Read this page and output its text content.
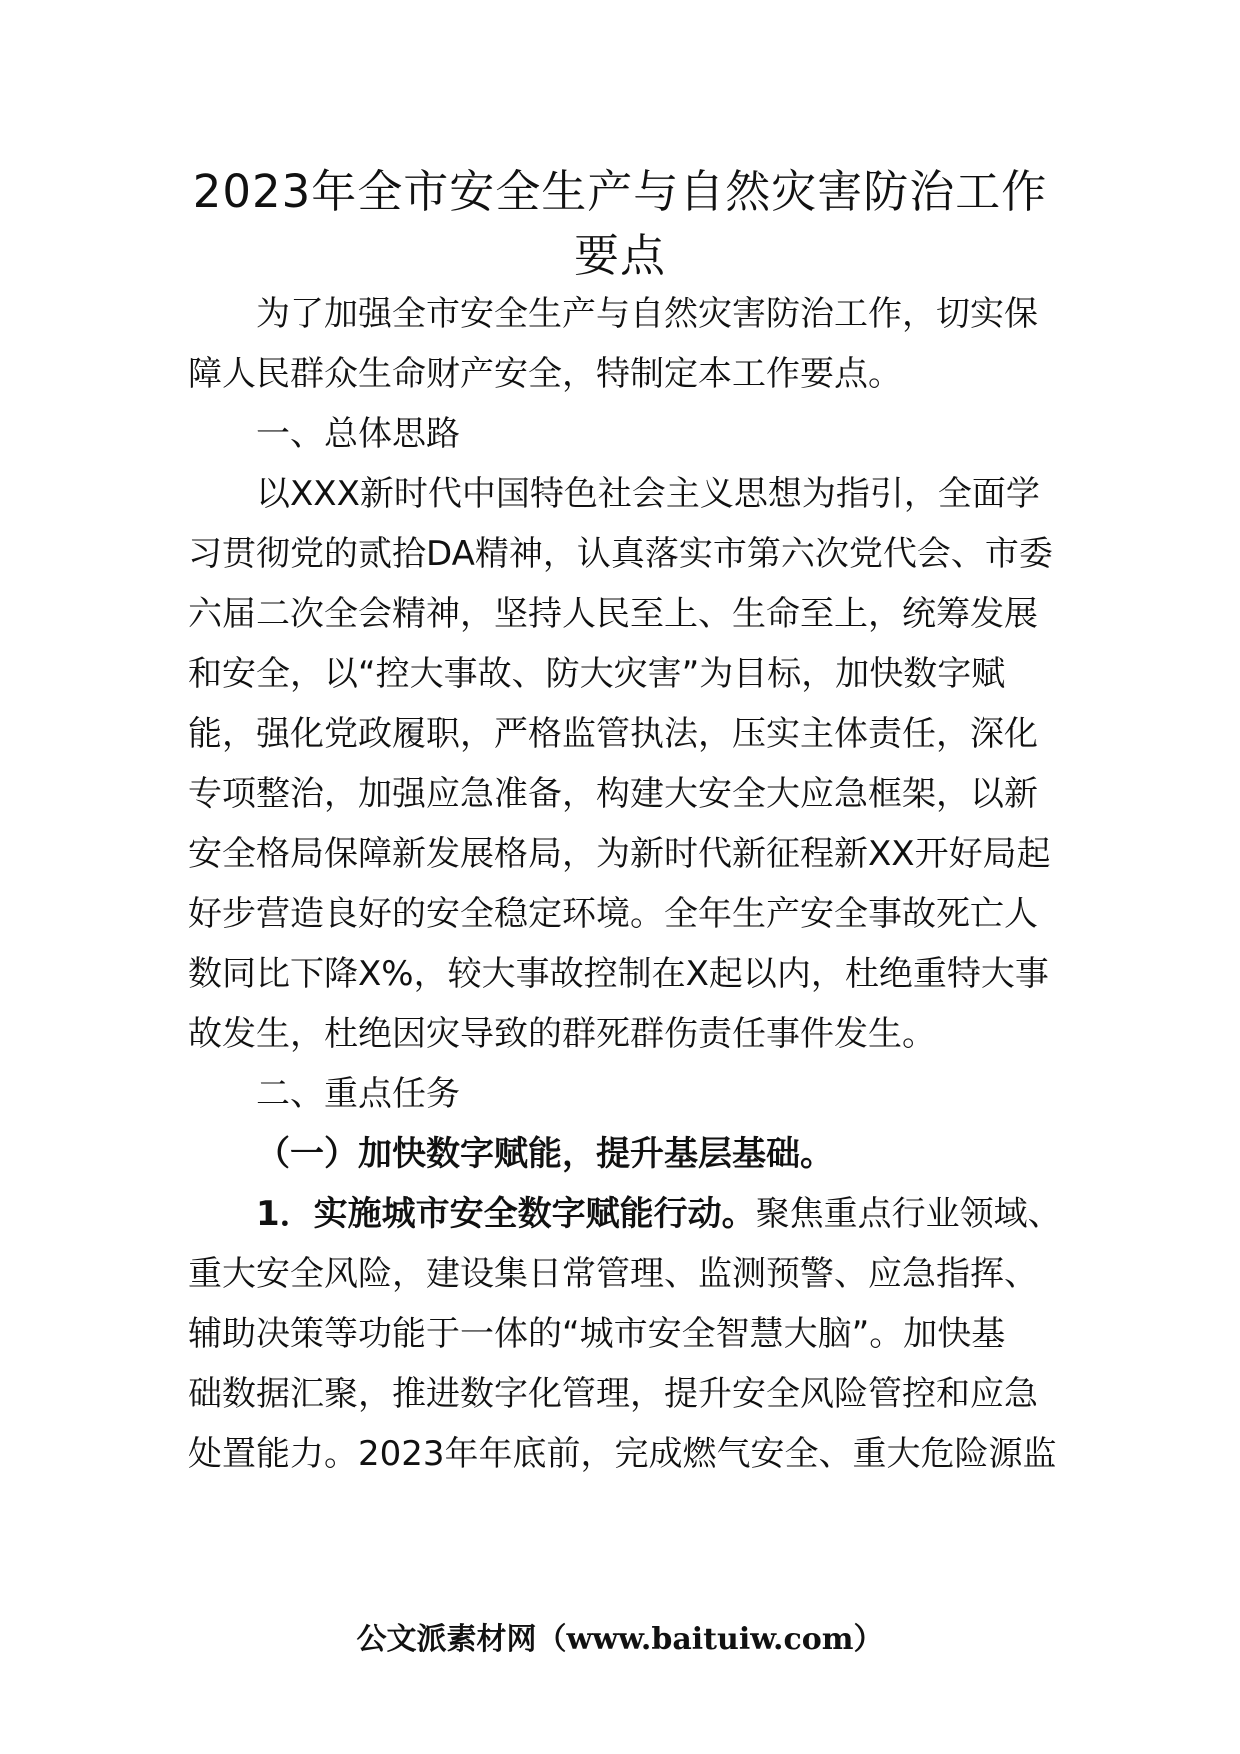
2023年全市安全生产与自然灾害防治工作
要点
为了加强全市安全生产与自然灾害防治工作，切实保
障人民群众生命财产安全，特制定本工作要点。
一、总体思路
以XXX新时代中国特色社会主义思想为指引，全面学
习贯彻党的贰拾DA精神，认真落实市第六次党代会、市委
六届二次全会精神，坚持人民至上、生命至上，统筹发展
和安全，以“控大事故、防大灾害”为目标，加快数字赋
能，强化党政履职，严格监管执法，压实主体责任，深化
专项整治，加强应急准备，构建大安全大应急框架，以新
安全格局保障新发展格局，为新时代新征程新XX开好局起
好步营造良好的安全稳定环境。全年生产安全事故死亡人
数同比下降X%，较大事故控制在X起以内，杜绝重特大事
故发生，杜绝因灾导致的群死群伤责任事件发生。
二、重点任务
（一）加快数字赋能，提升基层基础。
1．实施城市安全数字赋能行动。聚焦重点行业领域、
重大安全风险，建设集日常管理、监测预警、应急指挥、
辅助决策等功能于一体的“城市安全智慧大脑”。加快基
础数据汇聚，推进数字化管理，提升安全风险管控和应急
处置能力。2023年年底前，完成燃气安全、重大危险源监
公文派素材网（www.baituiw.com）
